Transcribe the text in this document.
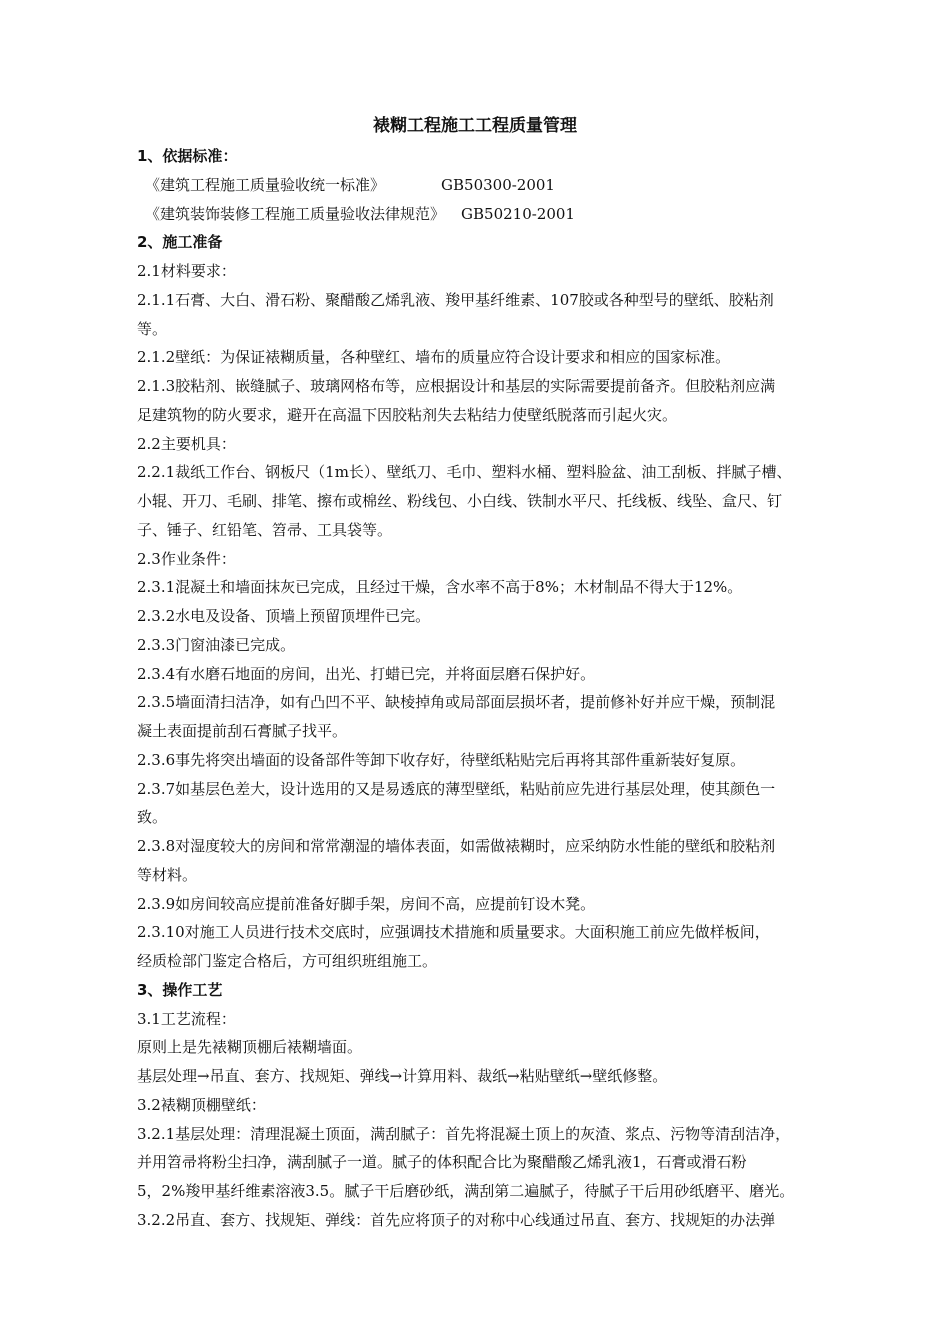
裱糊工程施工工程质量管理
1、依据标准：
《建筑工程施工质量验收统一标准》	GB50300-2001
《建筑装饰装修工程施工质量验收法律规范》 GB50210-2001
2、施工准备
2.1材料要求：
2.1.1石膏、大白、滑石粉、聚醋酸乙烯乳液、羧甲基纤维素、107胶或各种型号的壁纸、胶粘剂
等。
2.1.2壁纸：为保证裱糊质量，各种壁红、墙布的质量应符合设计要求和相应的国家标准。
2.1.3胶粘剂、嵌缝腻子、玻璃网格布等，应根据设计和基层的实际需要提前备齐。但胶粘剂应满
足建筑物的防火要求，避开在高温下因胶粘剂失去粘结力使壁纸脱落而引起火灾。
2.2主要机具：
2.2.1裁纸工作台、钢板尺（1m长）、壁纸刀、毛巾、塑料水桶、塑料脸盆、油工刮板、拌腻子槽、
小辊、开刀、毛刷、排笔、擦布或棉丝、粉线包、小白线、铁制水平尺、托线板、线坠、盒尺、钉
子、锤子、红铅笔、笤帚、工具袋等。
2.3作业条件：
2.3.1混凝土和墙面抹灰已完成，且经过干燥，含水率不高于8%；木材制品不得大于12%。
2.3.2水电及设备、顶墙上预留顶埋件已完。
2.3.3门窗油漆已完成。
2.3.4有水磨石地面的房间，出光、打蜡已完，并将面层磨石保护好。
2.3.5墙面清扫洁净，如有凸凹不平、缺棱掉角或局部面层损坏者，提前修补好并应干燥，预制混
凝土表面提前刮石膏腻子找平。
2.3.6事先将突出墙面的设备部件等卸下收存好，待壁纸粘贴完后再将其部件重新装好复原。
2.3.7如基层色差大，设计选用的又是易透底的薄型壁纸，粘贴前应先进行基层处理，使其颜色一
致。
2.3.8对湿度较大的房间和常常潮湿的墙体表面，如需做裱糊时，应采纳防水性能的壁纸和胶粘剂
等材料。
2.3.9如房间较高应提前准备好脚手架，房间不高，应提前钉设木凳。
2.3.10对施工人员进行技术交底时，应强调技术措施和质量要求。大面积施工前应先做样板间，
经质检部门鉴定合格后，方可组织班组施工。
3、操作工艺
3.1工艺流程：
原则上是先裱糊顶棚后裱糊墙面。
基层处理→吊直、套方、找规矩、弹线→计算用料、裁纸→粘贴壁纸→壁纸修整。
3.2裱糊顶棚壁纸：
3.2.1基层处理：清理混凝土顶面，满刮腻子：首先将混凝土顶上的灰渣、浆点、污物等清刮洁净，
并用笤帚将粉尘扫净，满刮腻子一道。腻子的体积配合比为聚醋酸乙烯乳液1，石膏或滑石粉
5，2%羧甲基纤维素溶液3.5。腻子干后磨砂纸，满刮第二遍腻子，待腻子干后用砂纸磨平、磨光。
3.2.2吊直、套方、找规矩、弹线：首先应将顶子的对称中心线通过吊直、套方、找规矩的办法弹
